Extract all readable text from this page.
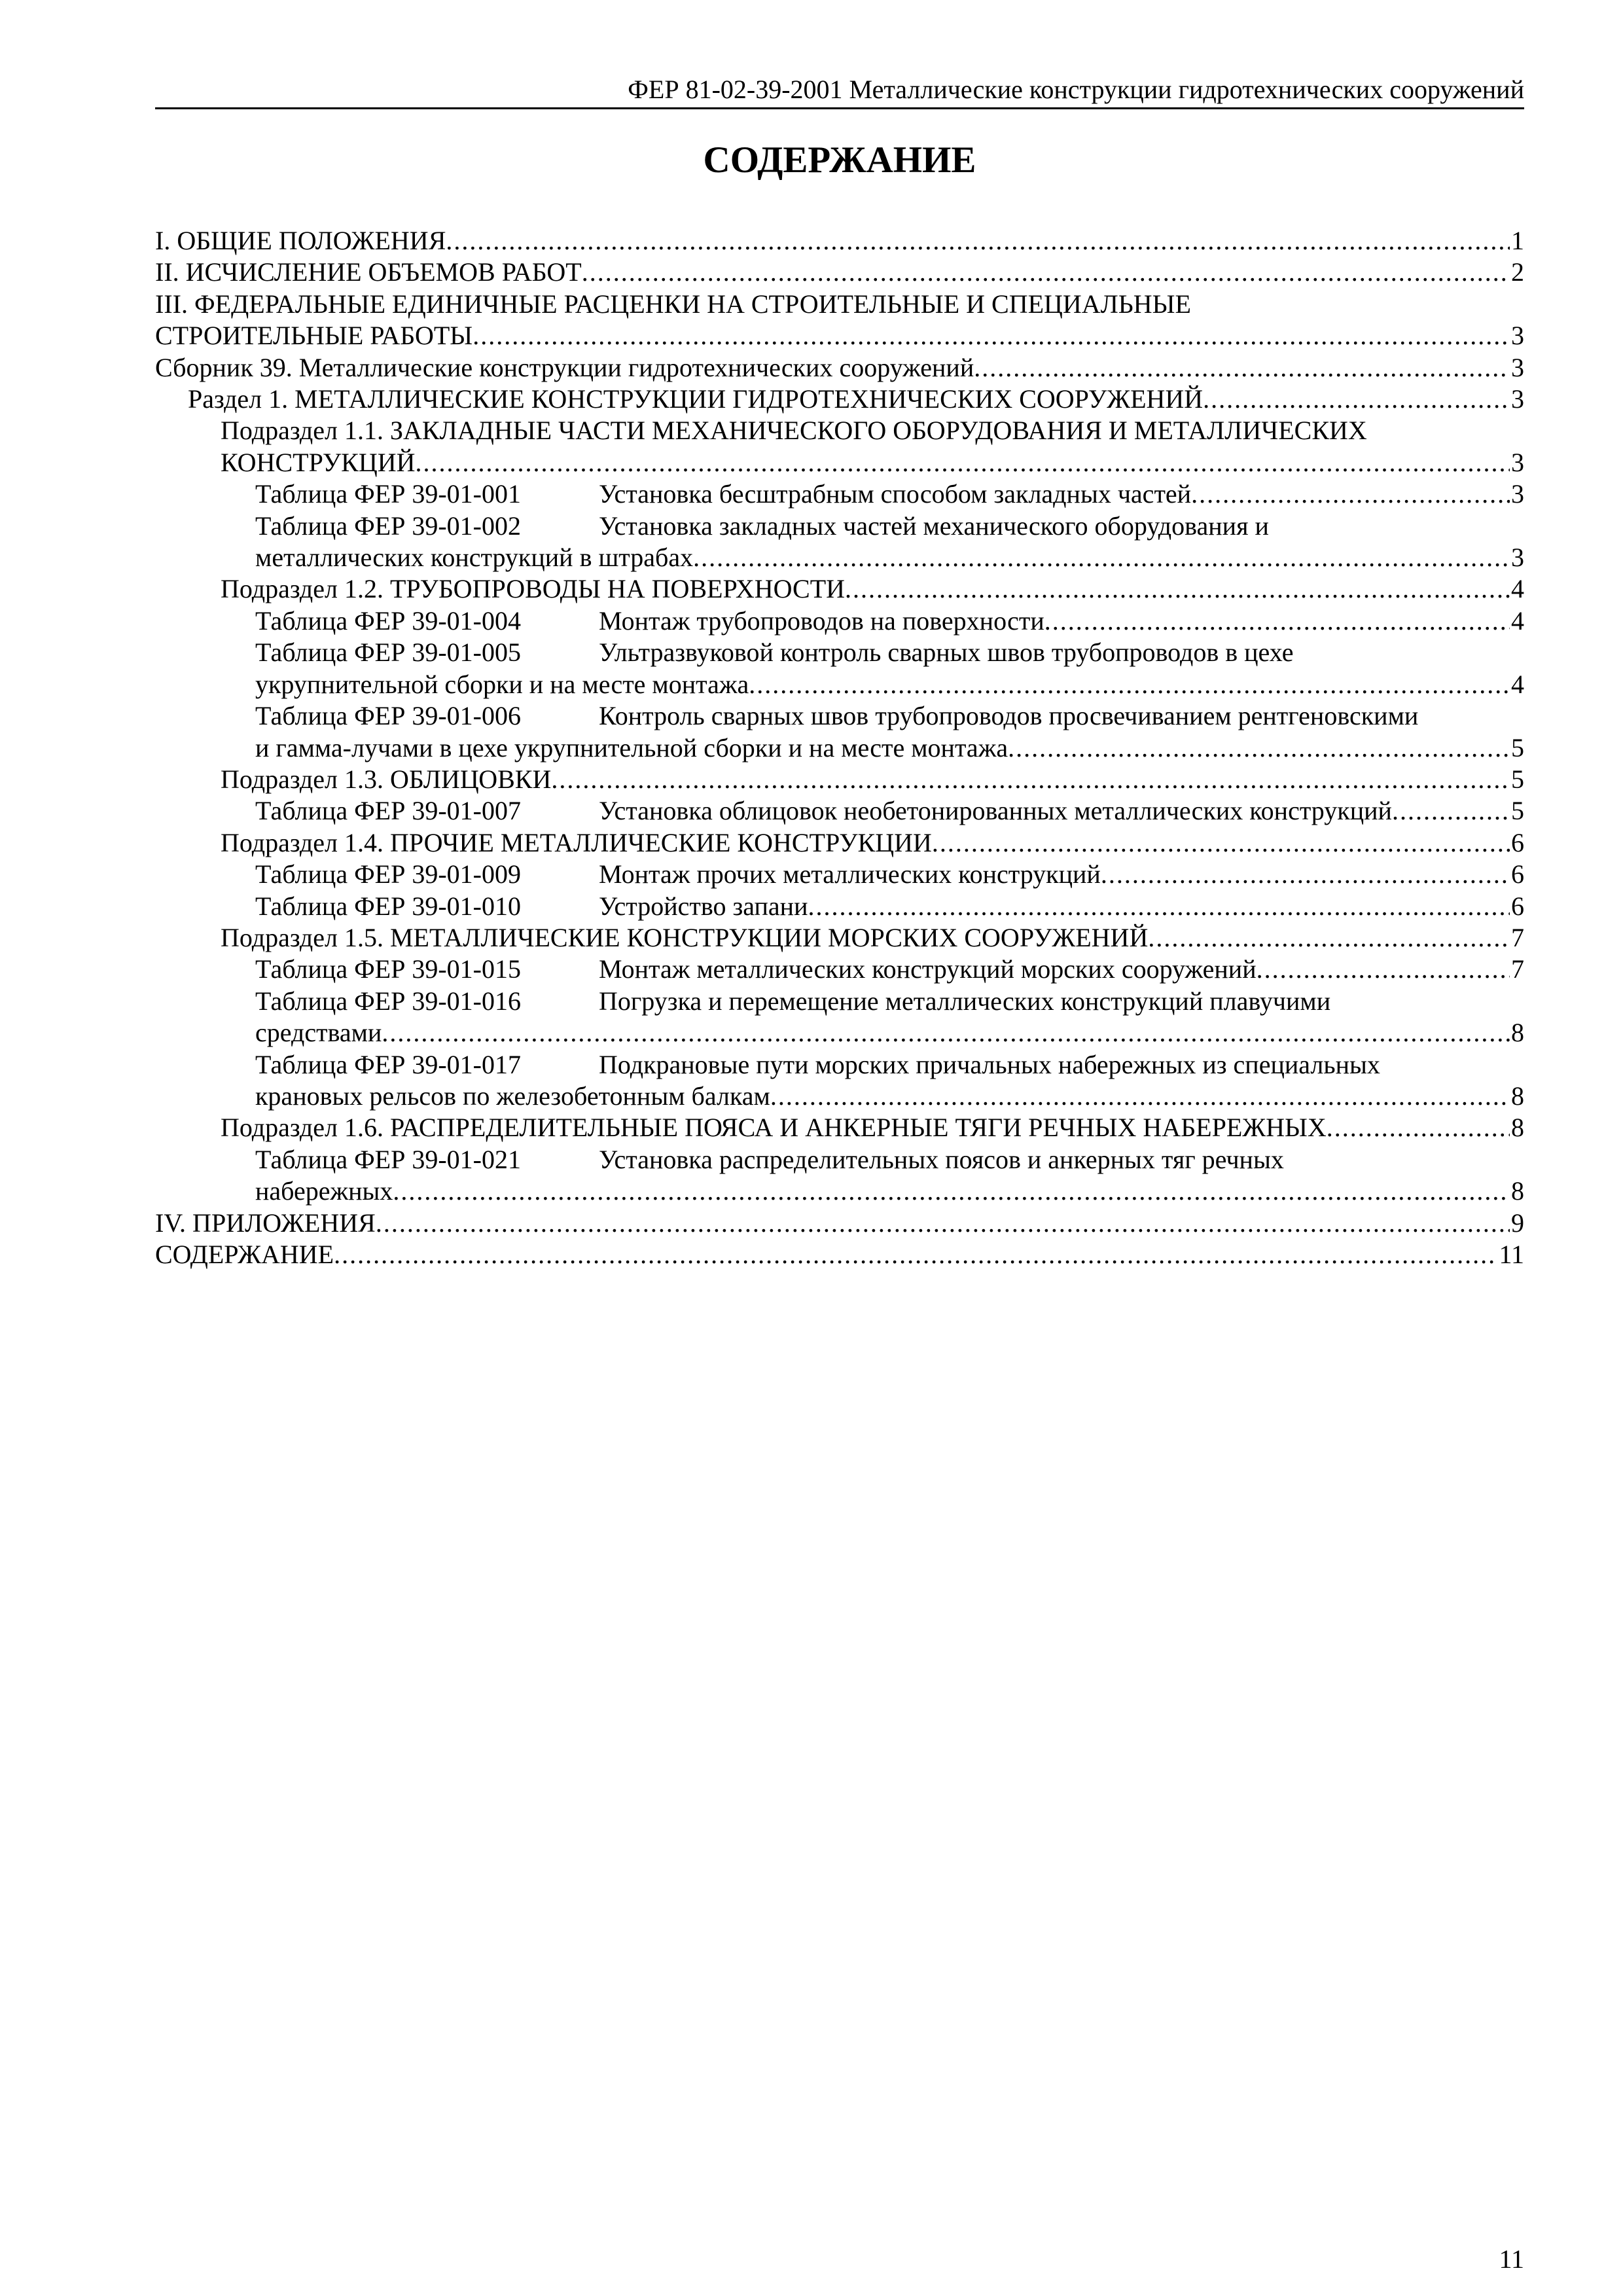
ФЕР 81-02-39-2001 Металлические конструкции гидротехнических сооружений
СОДЕРЖАНИЕ
I. ОБЩИЕ ПОЛОЖЕНИЯ . . .	1
II. ИСЧИСЛЕНИЕ ОБЪЕМОВ РАБОТ . . .	2
III. ФЕДЕРАЛЬНЫЕ ЕДИНИЧНЫЕ РАСЦЕНКИ НА СТРОИТЕЛЬНЫЕ И СПЕЦИАЛЬНЫЕ
СТРОИТЕЛЬНЫЕ РАБОТЫ . . .	3
Сборник 39. Металлические конструкции гидротехнических сооружений . . .	3
Раздел 1. МЕТАЛЛИЧЕСКИЕ КОНСТРУКЦИИ ГИДРОТЕХНИЧЕСКИХ СООРУЖЕНИЙ . . .	3
Подраздел 1.1. ЗАКЛАДНЫЕ ЧАСТИ МЕХАНИЧЕСКОГО ОБОРУДОВАНИЯ И МЕТАЛЛИЧЕСКИХ
КОНСТРУКЦИЙ . . .	3
Таблица ФЕР 39-01-001	Установка бесштрабным способом закладных частей . . .	3
Таблица ФЕР 39-01-002	Установка закладных частей механического оборудования и
металлических конструкций в штрабах . . .	3
Подраздел 1.2. ТРУБОПРОВОДЫ НА ПОВЕРХНОСТИ . . .	4
Таблица ФЕР 39-01-004	Монтаж трубопроводов на поверхности . . .	4
Таблица ФЕР 39-01-005	Ультразвуковой контроль сварных швов трубопроводов в цехе
укрупнительной сборки и на месте монтажа . . .	4
Таблица ФЕР 39-01-006	Контроль сварных швов трубопроводов просвечиванием рентгеновскими
и гамма-лучами в цехе укрупнительной сборки и на месте монтажа . . .	5
Подраздел 1.3. ОБЛИЦОВКИ . . .	5
Таблица ФЕР 39-01-007	Установка облицовок необетонированных металлических конструкций . . .	5
Подраздел 1.4. ПРОЧИЕ МЕТАЛЛИЧЕСКИЕ КОНСТРУКЦИИ . . .	6
Таблица ФЕР 39-01-009	Монтаж прочих металлических конструкций . . .	6
Таблица ФЕР 39-01-010	Устройство запани . . .	6
Подраздел 1.5. МЕТАЛЛИЧЕСКИЕ КОНСТРУКЦИИ МОРСКИХ СООРУЖЕНИЙ . . .	7
Таблица ФЕР 39-01-015	Монтаж металлических конструкций морских сооружений . . .	7
Таблица ФЕР 39-01-016	Погрузка и перемещение металлических конструкций плавучими
средствами . . .	8
Таблица ФЕР 39-01-017	Подкрановые пути морских причальных набережных из специальных
крановых рельсов по железобетонным балкам . . .	8
Подраздел 1.6. РАСПРЕДЕЛИТЕЛЬНЫЕ ПОЯСА И АНКЕРНЫЕ ТЯГИ РЕЧНЫХ НАБЕРЕЖНЫХ . . .	8
Таблица ФЕР 39-01-021	Установка распределительных поясов и анкерных тяг речных
набережных . . .	8
IV. ПРИЛОЖЕНИЯ . . .	9
СОДЕРЖАНИЕ . . .	11
11
